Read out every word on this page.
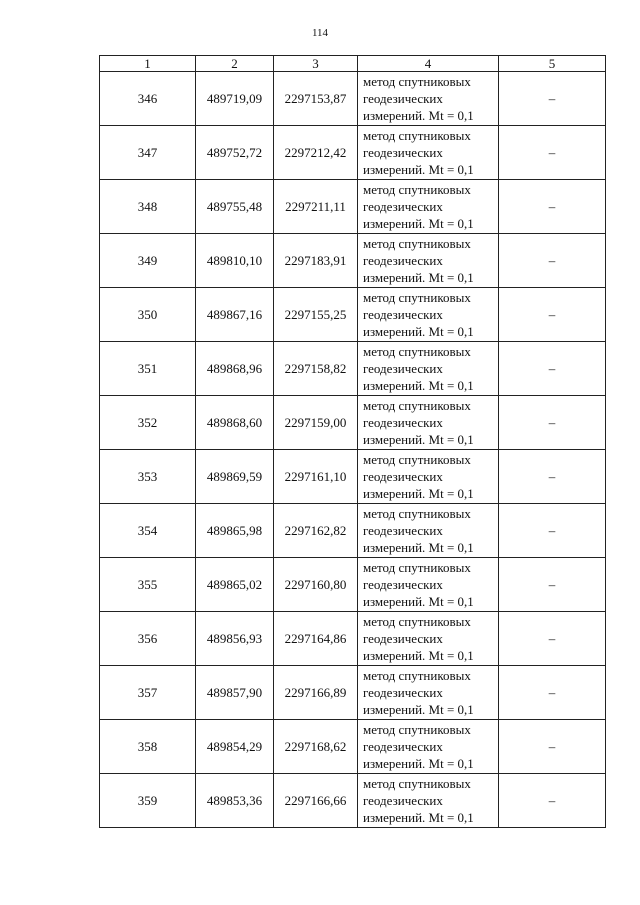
114
1	2	3	4	5
346	489719,09	2297153,87	метод спутниковых
геодезических
измерений. Mt = 0,1	–
347	489752,72	2297212,42	метод спутниковых
геодезических
измерений. Mt = 0,1	–
348	489755,48	2297211,11	метод спутниковых
геодезических
измерений. Mt = 0,1	–
349	489810,10	2297183,91	метод спутниковых
геодезических
измерений. Mt = 0,1	–
350	489867,16	2297155,25	метод спутниковых
геодезических
измерений. Mt = 0,1	–
351	489868,96	2297158,82	метод спутниковых
геодезических
измерений. Mt = 0,1	–
352	489868,60	2297159,00	метод спутниковых
геодезических
измерений. Mt = 0,1	–
353	489869,59	2297161,10	метод спутниковых
геодезических
измерений. Mt = 0,1	–
354	489865,98	2297162,82	метод спутниковых
геодезических
измерений. Mt = 0,1	–
355	489865,02	2297160,80	метод спутниковых
геодезических
измерений. Mt = 0,1	–
356	489856,93	2297164,86	метод спутниковых
геодезических
измерений. Mt = 0,1	–
357	489857,90	2297166,89	метод спутниковых
геодезических
измерений. Mt = 0,1	–
358	489854,29	2297168,62	метод спутниковых
геодезических
измерений. Mt = 0,1	–
359	489853,36	2297166,66	метод спутниковых
геодезических
измерений. Mt = 0,1	–
